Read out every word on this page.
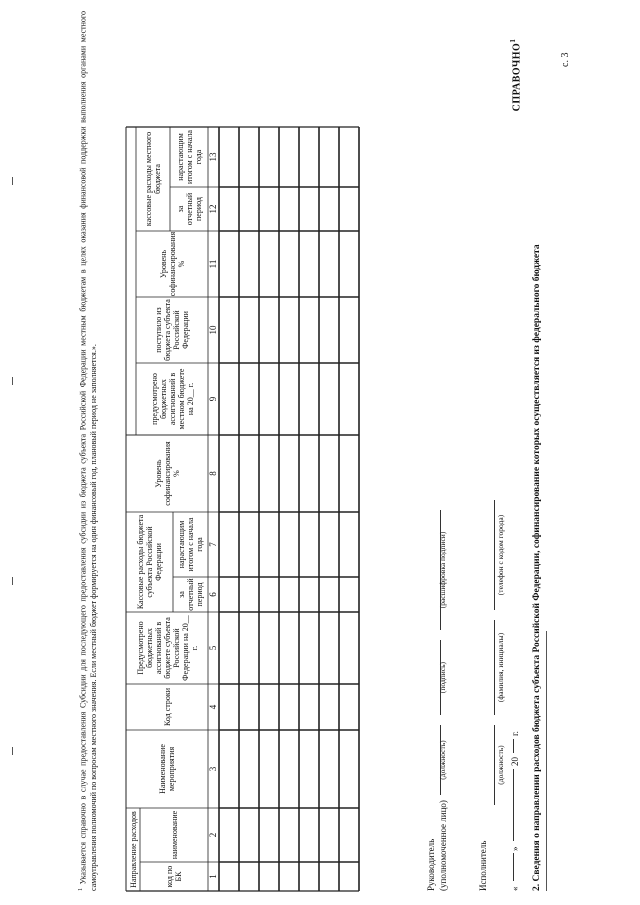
с. 3
2. Сведения о направлении расходов бюджета субъекта Российской Федерации, софинансирование которых осуществляется из федерального бюджета
СПРАВОЧНО$^1$
Направление расходов	код по БК
наименование
Наименование мероприятия
Код строки
Предусмотрено бюджетных ассигнований в бюджете субъекта Российской Федерации на 20__ г.
Кассовые расходы бюджета субъекта Российской Федерации
за отчетный период
нарастающим итогом с начала года
Уровень софинансирования %
предусмотрено бюджетных ассигнований в местном бюджете на 20__ г.
поступило из бюджета субъекта Российской Федерации
Уровень софинансирования %
кассовые расходы местного бюджета
за отчетный период
нарастающим итогом с начала года
1
2
3
4
5
6
7
8
9
10
11
12
13
Руководитель (уполномоченное лицо)
(должность)
(подпись)
(расшифровка подписи)
Исполнитель
(должность)
(фамилия, инициалы)
(телефон с кодом города)
«
»
20
г.
$^1$ Указывается справочно в случае предоставления Субсидии для последующего предоставления субсидии из бюджета субъекта Российской Федерации местным бюджетам в целях оказания финансовой поддержки выполнения органами местного самоуправления полномочий по вопросам местного значения. Если местный бюджет формируется на один финансовый год, плановый период не заполняется.».
